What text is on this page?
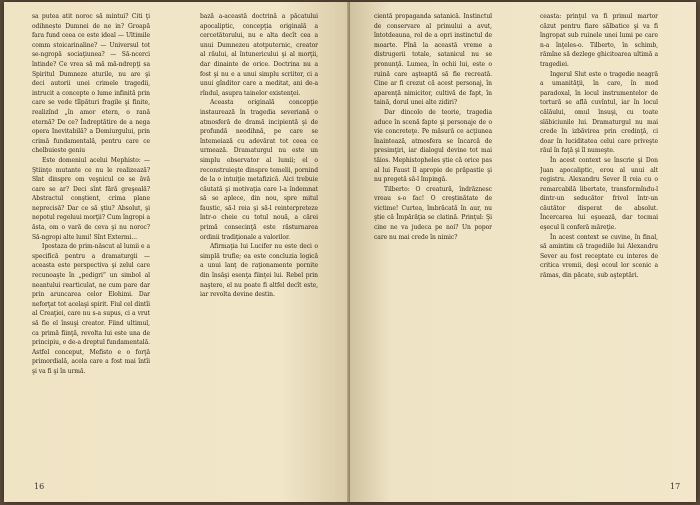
sa putea atit noroc să mintui? Citi ţi odihnește Dumnei de ne in? Groapă fara fund ceea ce este ideal — Ultimile comm stoicarinaline? — Universul tot se-ngropă sociaţiunea? — Să-ncerci întinde? Ce vrea să mă mă-ndrepţi sa Spiritul Dumneze aturile, nu are şi deci autorii unei crimele tragedii, intrucit a concepte o lume infinită prin care se vede tîlpături fragile şi finite, realizînd „în amor etern, o rană eternă? De ce? Îndreptătire de a nega opera Inevitabilă? a Demiurgului, prin crimă fundamentală, pentru care ce chelbuieste geniu

Este domeniul acelui Mephisto: — Ştiinţe mutante ce nu le realizează? Sînt dinspre om veşnicul ce se ăvă care se ar? Deci sînt fără greşeală? Abstractul conştient, crima plane neprecisă? Dar ce să ştiu? Absolut, şi nepotul regeluui morţii? Cum îngropi a ăsta, om o vară de ceva şi nu noroc? Să-ngropi alte lumi! Sînt Extermi...

Ipostaza de prim-născut al lumii e a specifică pentru a dramaturgii — aceasta este perspectiva şi zelul care recunoaşte în „pedigri” un simbol al neantului rearticulat, ne cum pare dar prin aruncarea celor Elohimi. Dar neforţat tot acelaşi spirit. Fiul cel dintîi al Creaţiei, care nu s-a supus, ci a vrut să fie el însuşi creator. Fiind ultimul, ca primă fiinţă, revolta lui este una de principiu, e de-a dreptul fundamentală. Astfel conceput, Mefisto e o forţă primordială, acela care a fost mai întîi şi va fi şi în urmă.

bază a-această doctrină a păcatului apocaliptic, concepţia originală a cercetătorului, nu e alta decît cea a unui Dumnezeu atotputernic, creator al răului, al întunericului şi al morţii, dar dinainte de orice. Doctrina nu a fost şi nu e a unui simplu scriitor, ci a unui gînditor care a meditat, ani de-a rîndul, asupra tainelor existenţei.

Aceasta originală concepţie instaurează în tragedia severiană o atmosferă de dramă incipientă şi de profundă neodihnă, pe care se întemeiază cu adevărat tot ceea ce urmează. Dramaturgul nu este un simplu observator al lumii; el o reconstruieşte dinspre temelii, pornind de la o intuiţie metafizică. Aici trebuie căutată şi motivaţia care l-a îndemnat să se aplece, din nou, spre mitul faustic, să-l reia şi să-l reinterpreteze într-o cheie cu totul nouă, a cărei primă consecinţă este răsturnarea ordinii tradiţionale a valorilor.

Afirmaţia lui Lucifer nu este deci o simplă trufie; ea este concluzia logică a unui lanţ de raţionamente pornite din însăşi esenţa fiinţei lui. Rebel prin naştere, el nu poate fi altfel decît este, iar revolta devine destin.

16

cientă propaganda satanică. Instinctul de conservare al primului a avut, întotdeauna, rol de a opri instinctul de moarte. Pînă la această vreme a distrugerii totale, satanicul nu se pronunţă. Lumea, în ochii lui, este o ruină care aşteaptă să fie recreată. Cine ar fi crezut că acest personaj, în aparenţă nimicitor, cultivă de fapt, în taină, dorul unei alte zidiri?

Dar dincolo de teorie, tragedia aduce în scenă fapte şi personaje de o vie concreteţe. Pe măsură ce acţiunea înaintează, atmosfera se încarcă de presimţiri, iar dialogul devine tot mai tăios. Mephistopheles ştie că orice pas al lui Faust îl apropie de prăpastie şi nu pregetă să-l împingă.

Tilberto: O creatură, îndrăznesc vreau s-o fac! O creştinătate de victime! Curtea, îmbrăcată în aur, nu ştie că Împărăţia se clatină. Prinţul: Şi cine ne va judeca pe noi? Un popor care nu mai crede în nimic?

ceasta: prinţul va fi primul martor căzut pentru fiare sălbatice şi va fi îngropat sub ruinele unei lumi pe care n-a înţeles-o. Tilberto, în schimb, rămîne să dezlege ghicitoarea ultimă a tragediei.

Ingerul Slut este o tragedie neagră a umanităţii, în care, în mod paradoxal, în locul instrumentelor de tortură se află cuvîntul, iar în locul călăului, omul însuşi, cu toate slăbiciunile lui. Dramaturgul nu mai crede în izbăvirea prin credinţă, ci doar în luciditatea celui care priveşte răul în faţă şi îl numeşte.

În acest context se înscrie şi Don Juan apocaliptic, erou al unui alt registru. Alexandru Sever îl reia cu o remarcabilă libertate, transformîndu-l dintr-un seducător frivol într-un căutător disperat de absolut. Încercarea lui eşuează, dar tocmai eşecul îi conferă măreţie.

În acest context se cuvine, în final, să amintim că tragediile lui Alexandru Sever au fost receptate cu interes de critica vremii, deşi ecoul lor scenic a rămas, din păcate, sub aşteptări.

17
